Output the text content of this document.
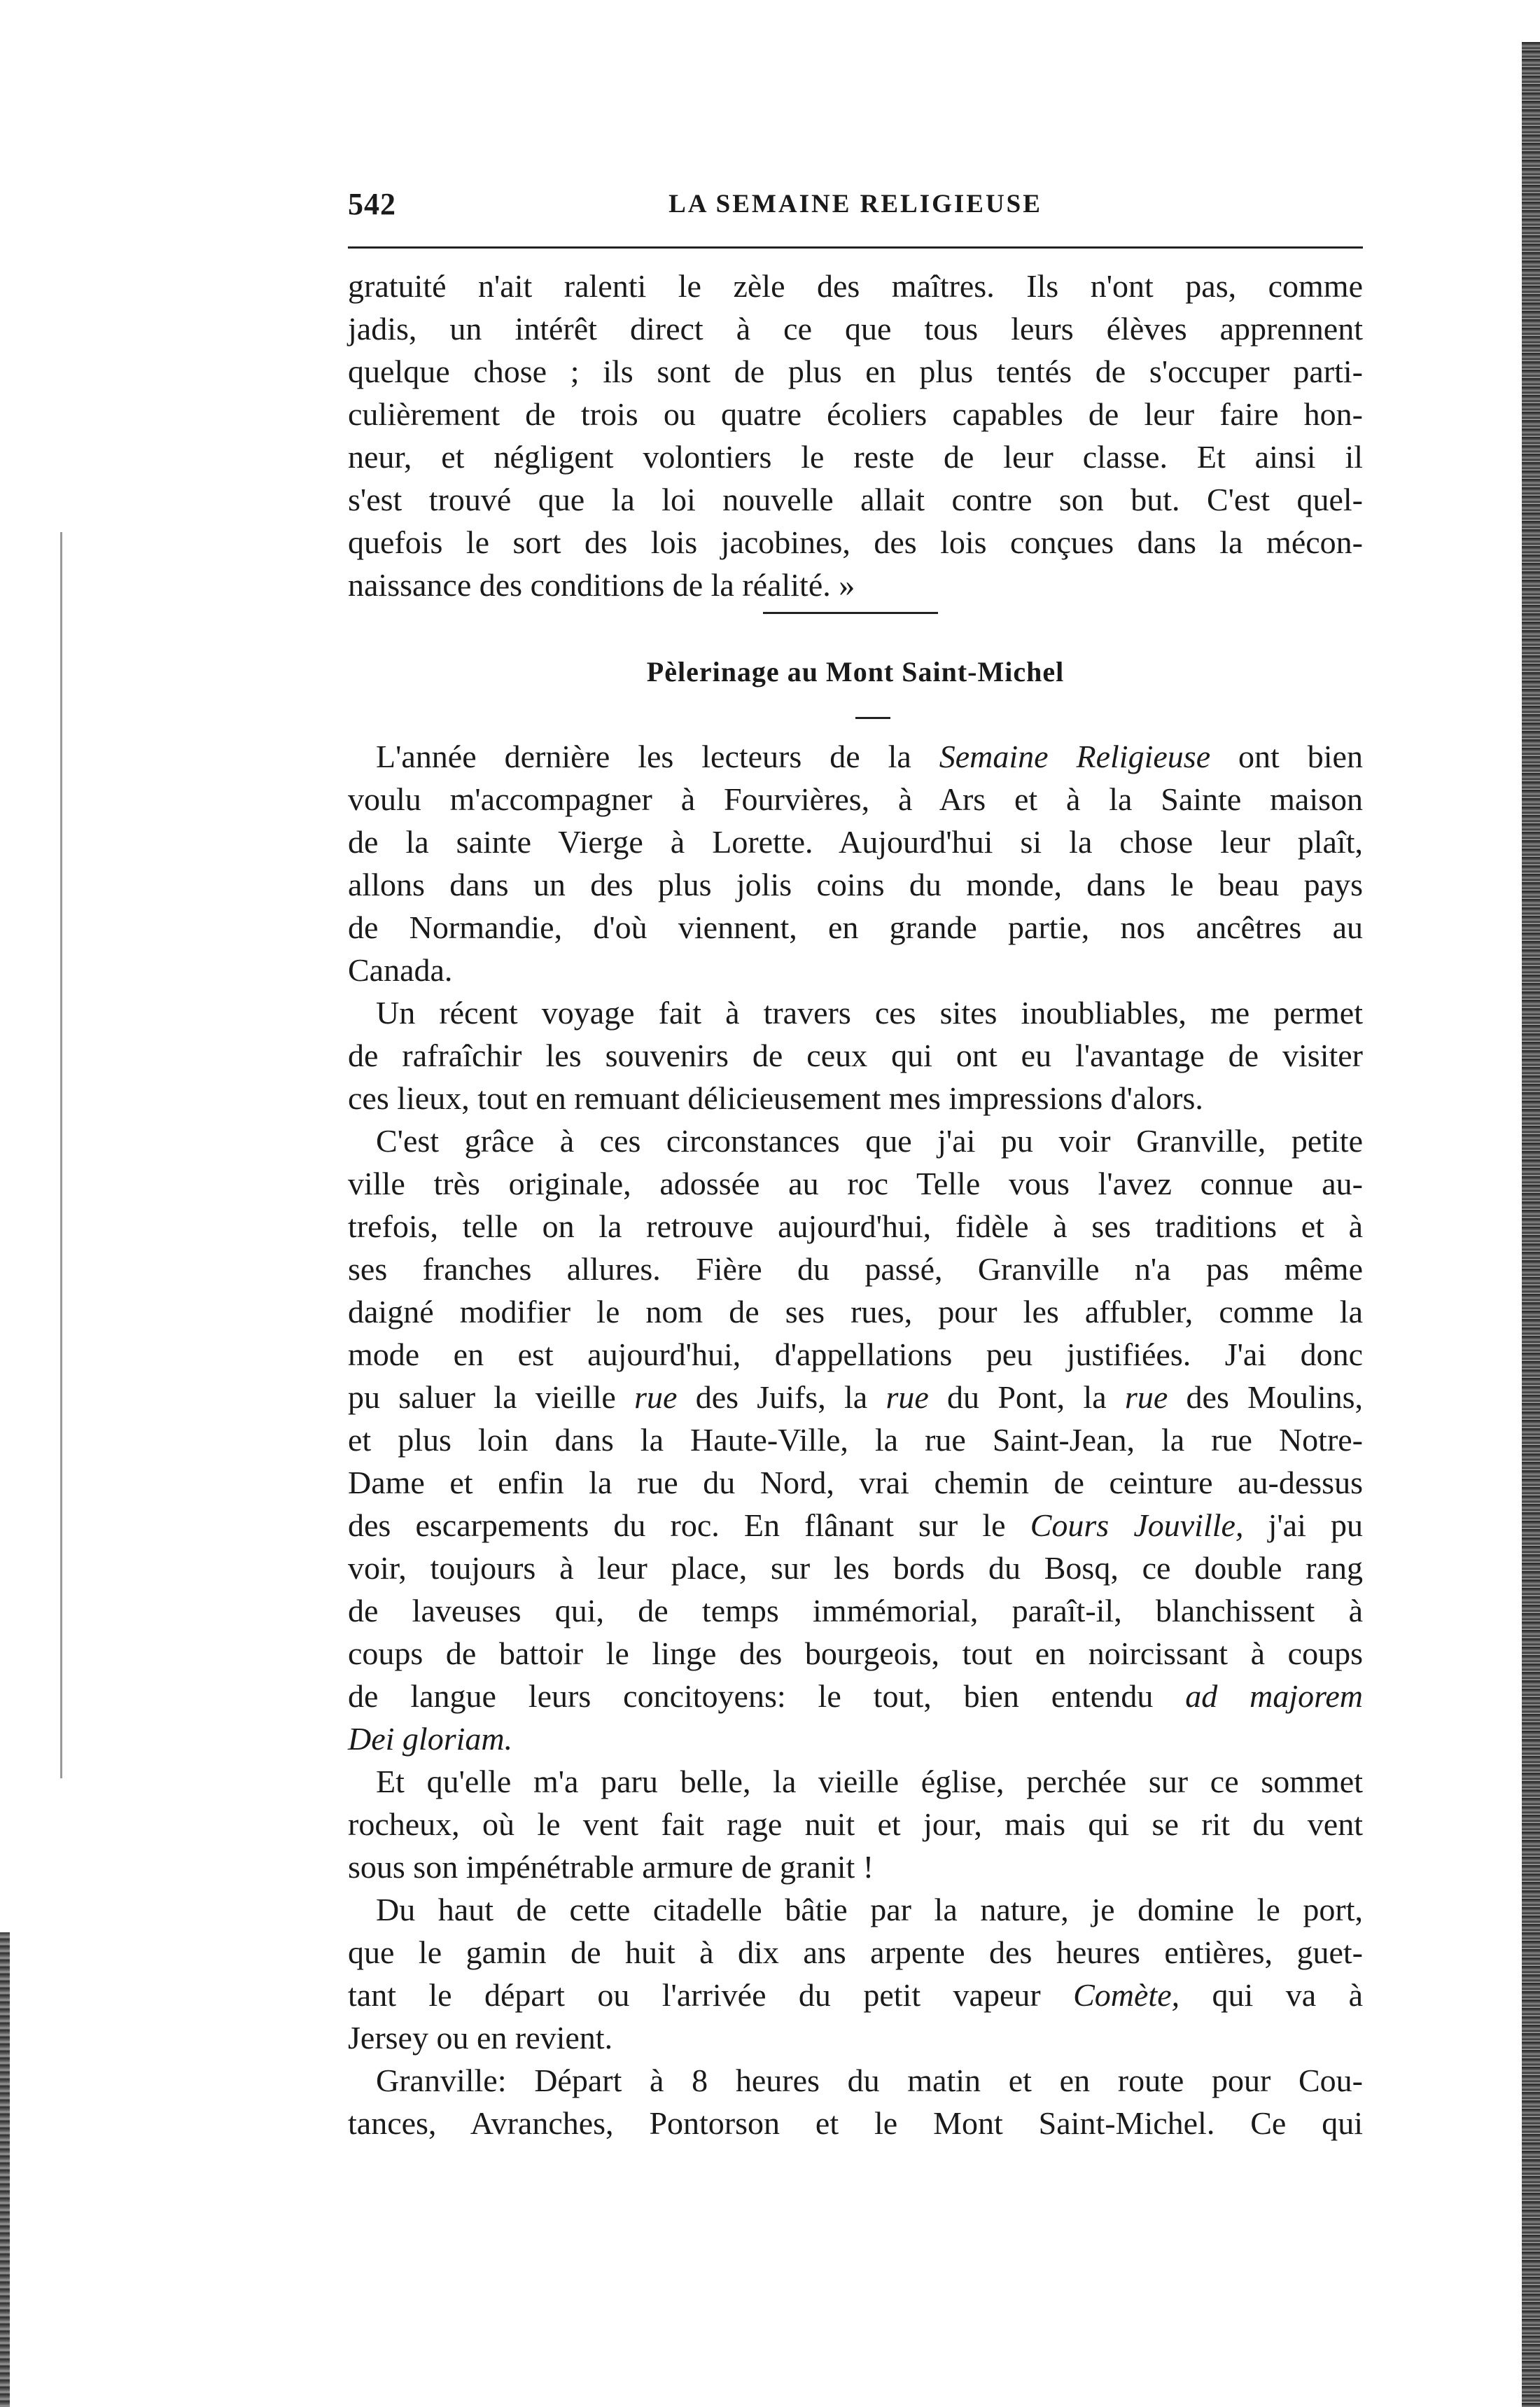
542	LA SEMAINE RELIGIEUSE
gratuité n'ait ralenti le zèle des maîtres. Ils n'ont pas, comme
jadis, un intérêt direct à ce que tous leurs élèves apprennent
quelque chose ; ils sont de plus en plus tentés de s'occuper parti-
culièrement de trois ou quatre écoliers capables de leur faire hon-
neur, et négligent volontiers le reste de leur classe. Et ainsi il
s'est trouvé que la loi nouvelle allait contre son but. C'est quel-
quefois le sort des lois jacobines, des lois conçues dans la mécon-
naissance des conditions de la réalité. »
Pèlerinage au Mont Saint-Michel
L'année dernière les lecteurs de la Semaine Religieuse ont bien
voulu m'accompagner à Fourvières, à Ars et à la Sainte maison
de la sainte Vierge à Lorette. Aujourd'hui si la chose leur plaît,
allons dans un des plus jolis coins du monde, dans le beau pays
de Normandie, d'où viennent, en grande partie, nos ancêtres au
Canada.
Un récent voyage fait à travers ces sites inoubliables, me permet
de rafraîchir les souvenirs de ceux qui ont eu l'avantage de visiter
ces lieux, tout en remuant délicieusement mes impressions d'alors.
C'est grâce à ces circonstances que j'ai pu voir Granville, petite
ville très originale, adossée au roc Telle vous l'avez connue au-
trefois, telle on la retrouve aujourd'hui, fidèle à ses traditions et à
ses franches allures. Fière du passé, Granville n'a pas même
daigné modifier le nom de ses rues, pour les affubler, comme la
mode en est aujourd'hui, d'appellations peu justifiées. J'ai donc
pu saluer la vieille rue des Juifs, la rue du Pont, la rue des Moulins,
et plus loin dans la Haute-Ville, la rue Saint-Jean, la rue Notre-
Dame et enfin la rue du Nord, vrai chemin de ceinture au-dessus
des escarpements du roc. En flânant sur le Cours Jouville, j'ai pu
voir, toujours à leur place, sur les bords du Bosq, ce double rang
de laveuses qui, de temps immémorial, paraît-il, blanchissent à
coups de battoir le linge des bourgeois, tout en noircissant à coups
de langue leurs concitoyens: le tout, bien entendu ad majorem
Dei gloriam.
Et qu'elle m'a paru belle, la vieille église, perchée sur ce sommet
rocheux, où le vent fait rage nuit et jour, mais qui se rit du vent
sous son impénétrable armure de granit !
Du haut de cette citadelle bâtie par la nature, je domine le port,
que le gamin de huit à dix ans arpente des heures entières, guet-
tant le départ ou l'arrivée du petit vapeur Comète, qui va à
Jersey ou en revient.
Granville: Départ à 8 heures du matin et en route pour Cou-
tances, Avranches, Pontorson et le Mont Saint-Michel. Ce qui
